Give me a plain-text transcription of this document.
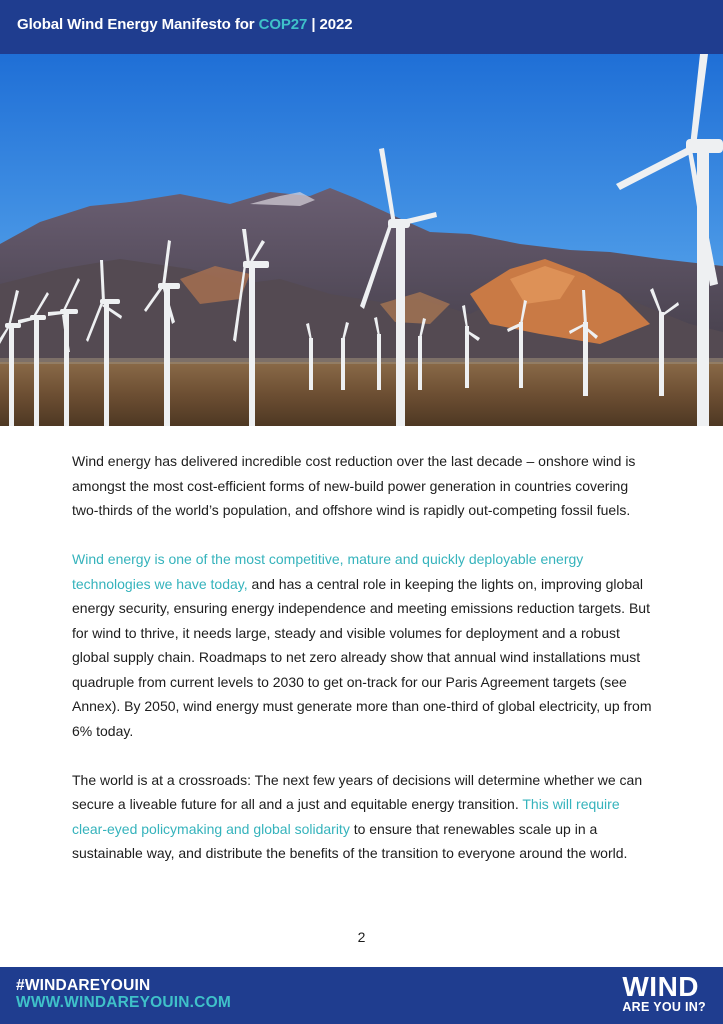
Global Wind Energy Manifesto for COP27 | 2022

Wind energy has delivered incredible cost reduction over the last decade – onshore wind is amongst the most cost-efficient forms of new-build power generation in countries covering two-thirds of the world’s population, and offshore wind is rapidly out-competing fossil fuels.

Wind energy is one of the most competitive, mature and quickly deployable energy technologies we have today, and has a central role in keeping the lights on, improving global energy security, ensuring energy independence and meeting emissions reduction targets. But for wind to thrive, it needs large, steady and visible volumes for deployment and a robust global supply chain. Roadmaps to net zero already show that annual wind installations must quadruple from current levels to 2030 to get on-track for our Paris Agreement targets (see Annex). By 2050, wind energy must generate more than one-third of global electricity, up from 6% today.

The world is at a crossroads: The next few years of decisions will determine whether we can secure a liveable future for all and a just and equitable energy transition. This will require clear-eyed policymaking and global solidarity to ensure that renewables scale up in a sustainable way, and distribute the benefits of the transition to everyone around the world.

2
#WINDAREYOUIN
WWW.WINDAREYOUIN.COM
WIND
ARE YOU IN?
